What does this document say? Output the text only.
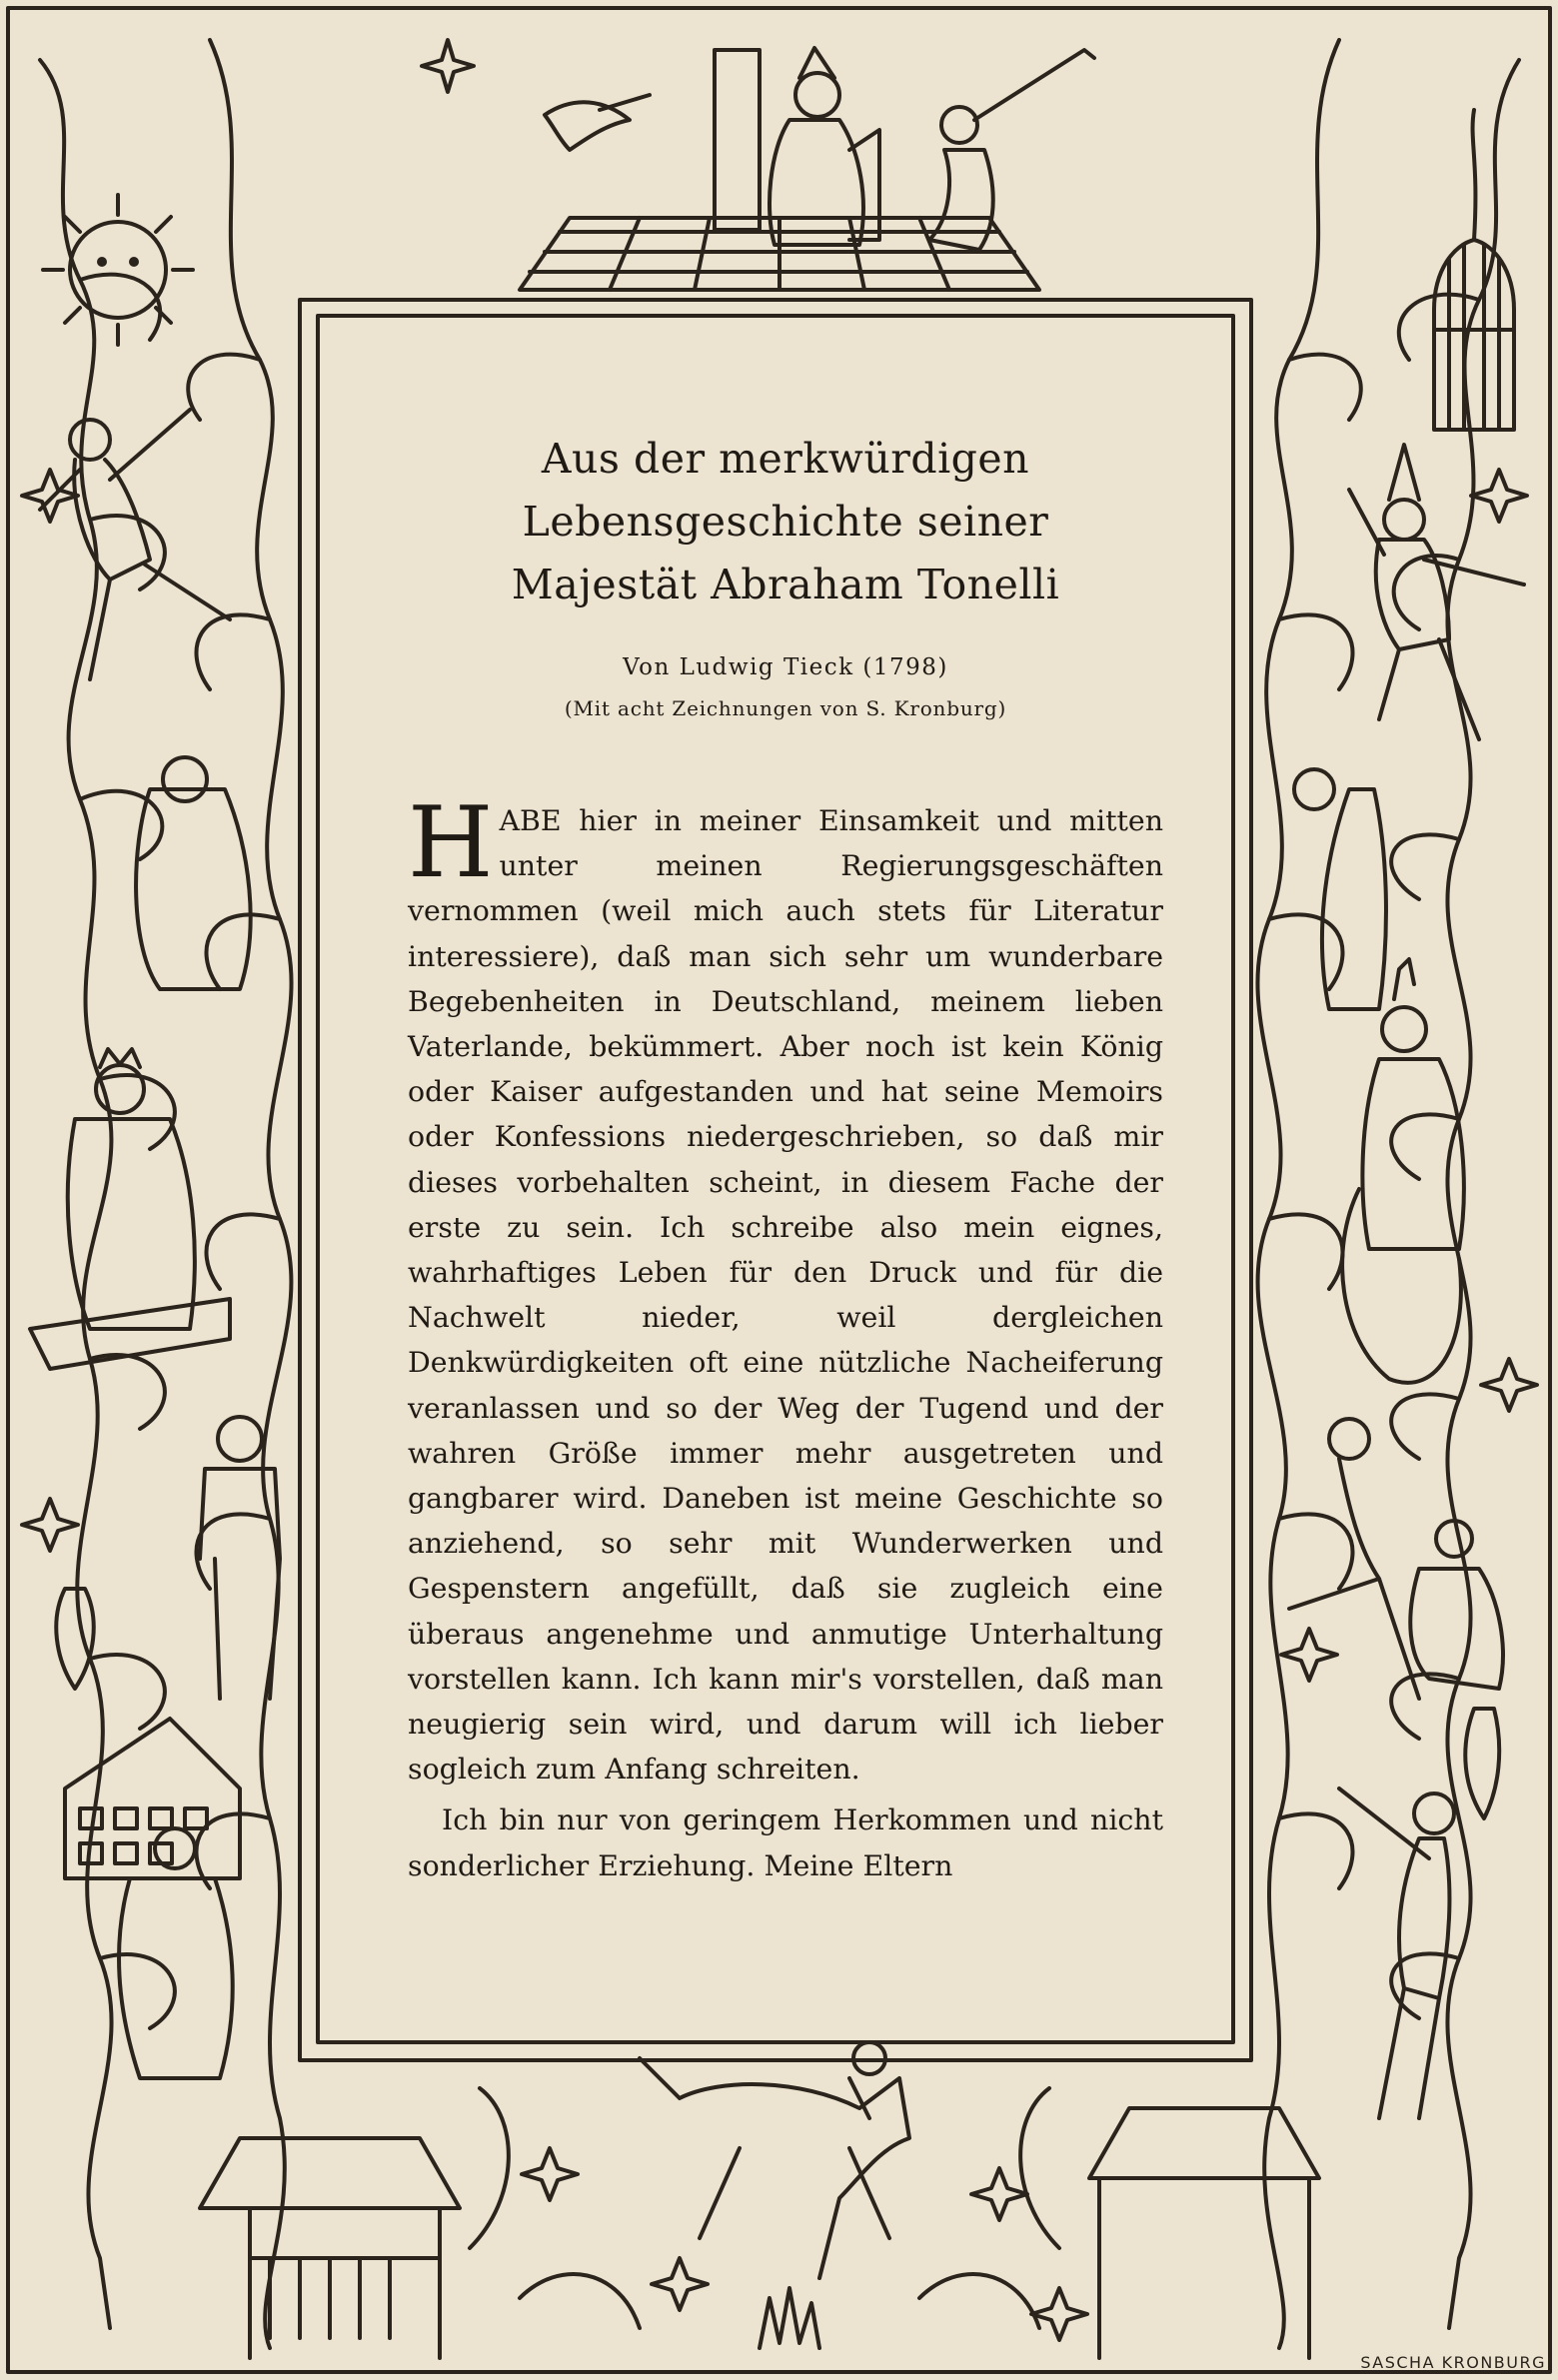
Aus der merkwürdigen Lebensgeschichte seiner Majestät Abraham Tonelli
Von Ludwig Tieck (1798)
(Mit acht Zeichnungen von S. Kronburg)

HABE hier in meiner Einsamkeit und mitten unter meinen Regierungsgeschäften vernommen (weil mich auch stets für Literatur interessiere), daß man sich sehr um wunderbare Begebenheiten in Deutschland, meinem lieben Vaterlande, bekümmert. Aber noch ist kein König oder Kaiser aufgestanden und hat seine Memoirs oder Konfessions niedergeschrieben, so daß mir dieses vorbehalten scheint, in diesem Fache der erste zu sein. Ich schreibe also mein eignes, wahrhaftiges Leben für den Druck und für die Nachwelt nieder, weil dergleichen Denkwürdigkeiten oft eine nützliche Nacheiferung veranlassen und so der Weg der Tugend und der wahren Größe immer mehr ausgetreten und gangbarer wird. Daneben ist meine Geschichte so anziehend, so sehr mit Wunderwerken und Gespenstern angefüllt, daß sie zugleich eine überaus angenehme und anmutige Unterhaltung vorstellen kann. Ich kann mir's vorstellen, daß man neugierig sein wird, und darum will ich lieber sogleich zum Anfang schreiten.

Ich bin nur von geringem Herkommen und nicht sonderlicher Erziehung. Meine Eltern

SASCHA KRONBURG
